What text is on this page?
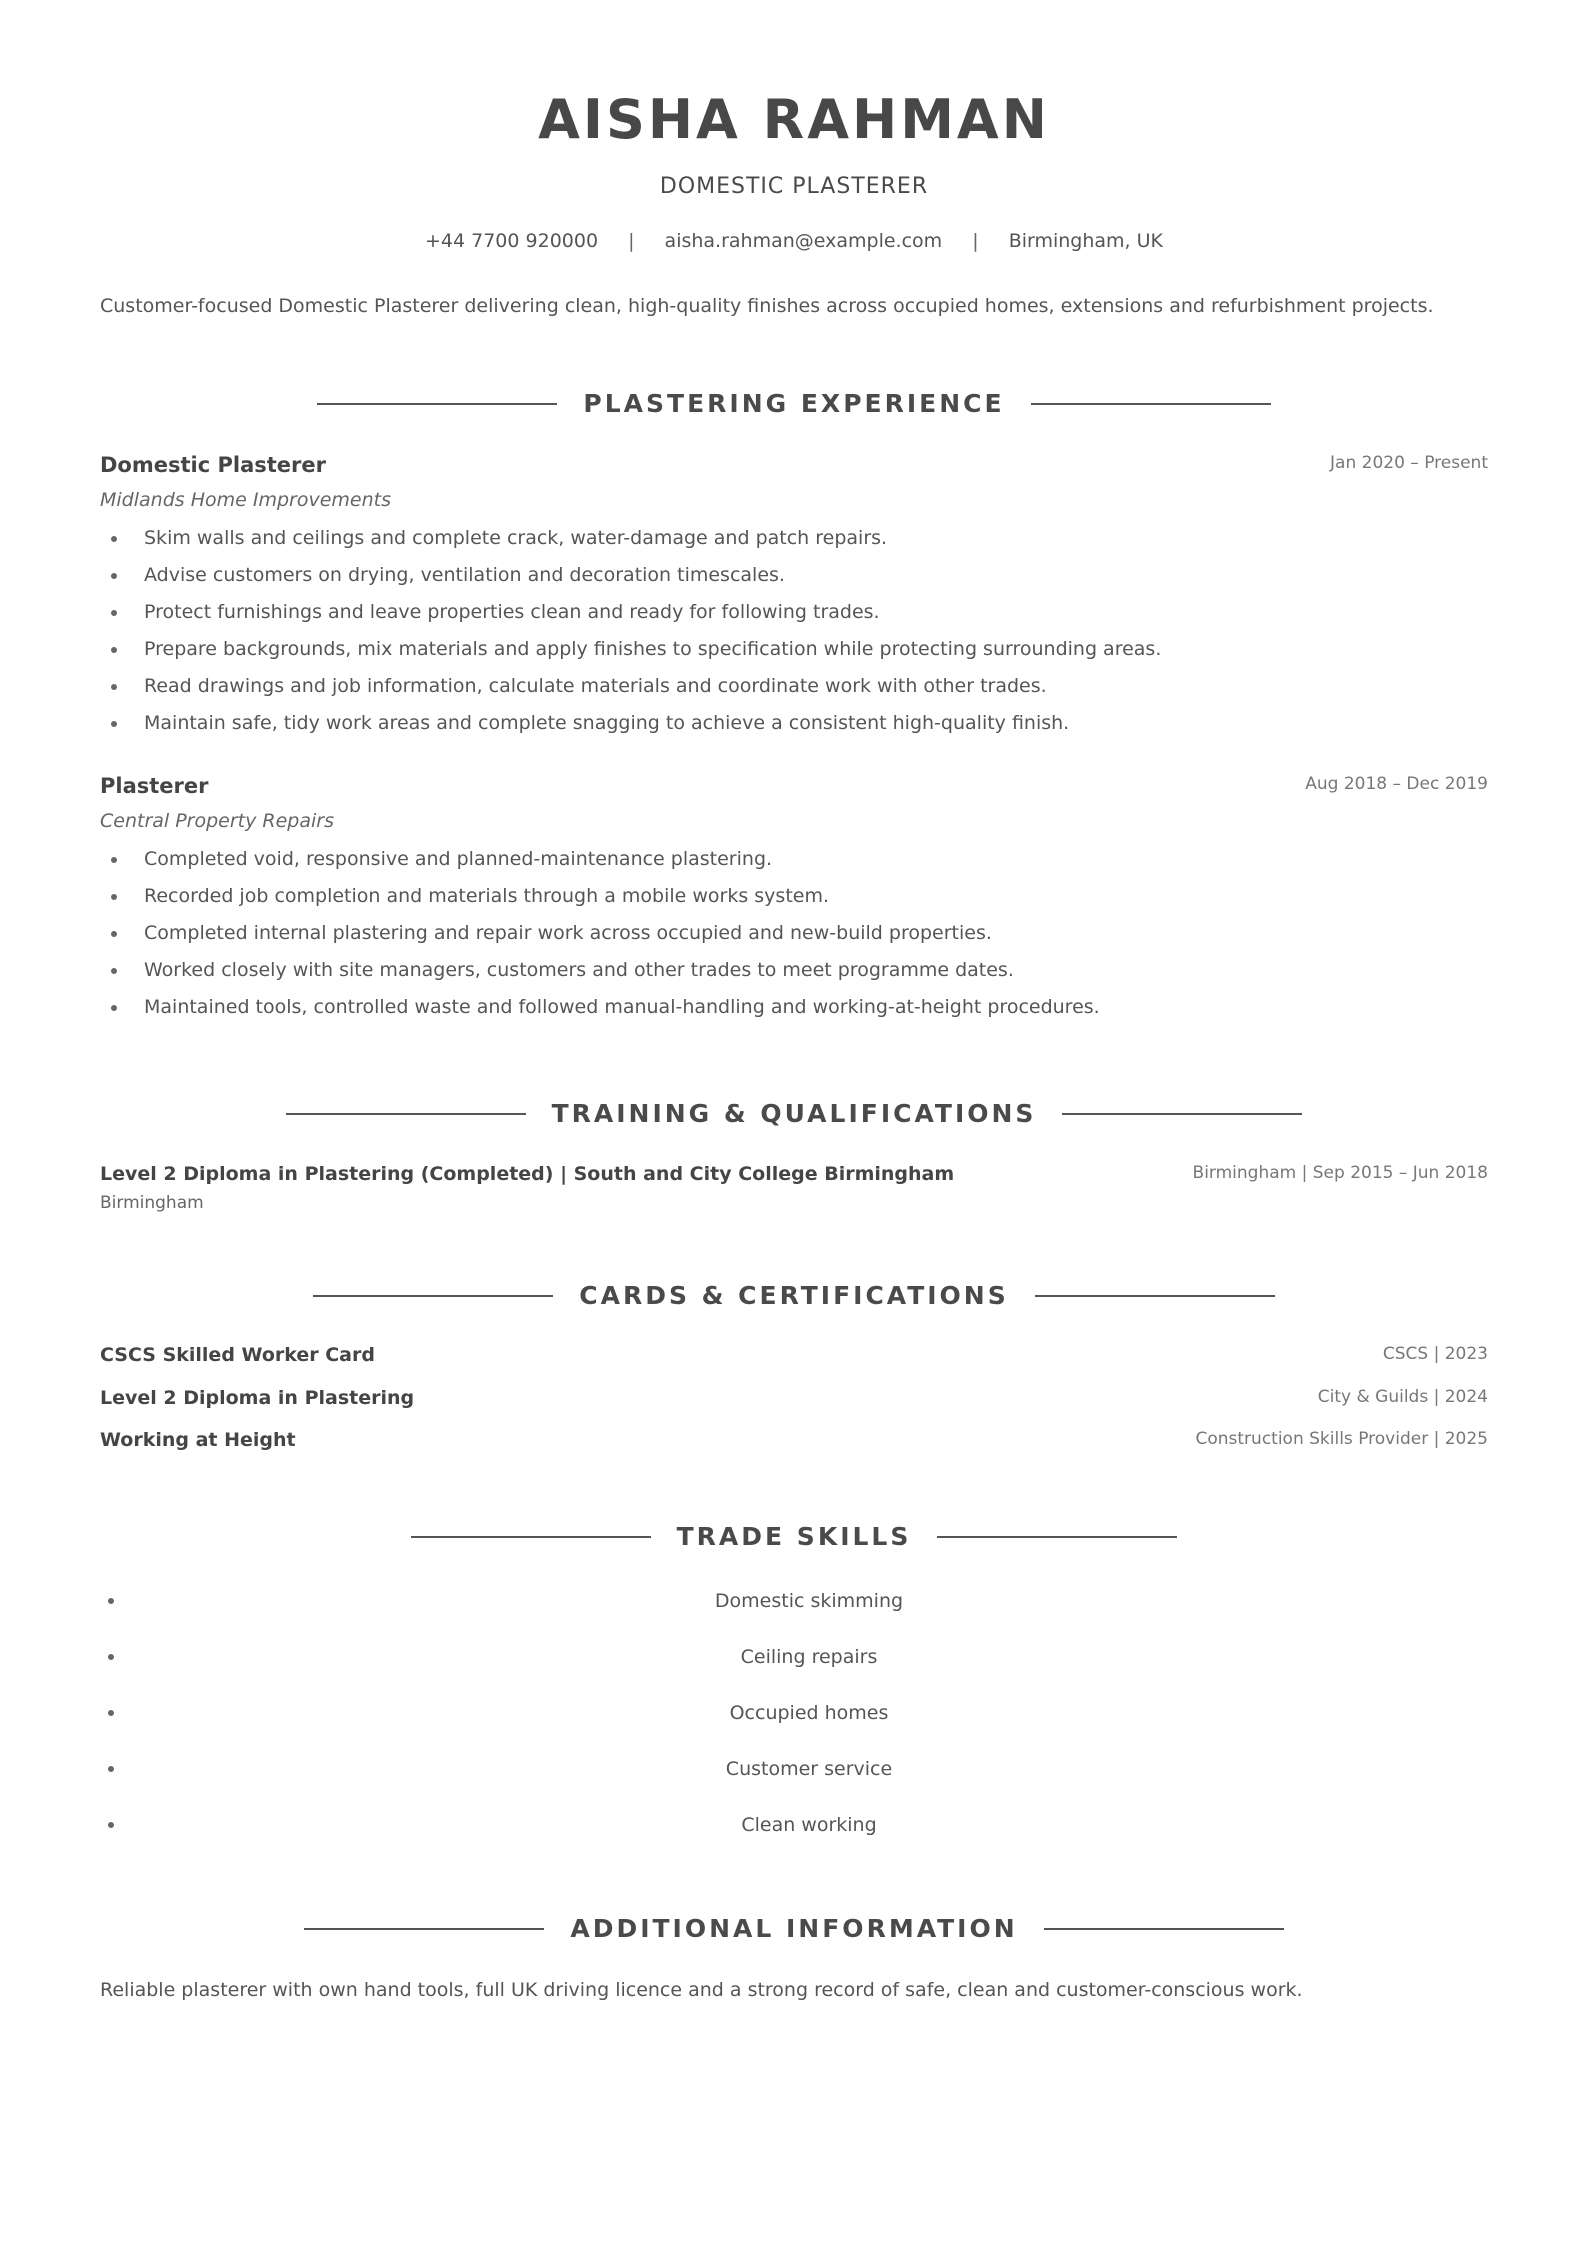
AISHA RAHMAN
DOMESTIC PLASTERER
+44 7700 920000 | aisha.rahman@example.com | Birmingham, UK
Customer-focused Domestic Plasterer delivering clean, high-quality finishes across occupied homes, extensions and refurbishment projects.
PLASTERING EXPERIENCE
Domestic Plasterer	Jan 2020 – Present
Midlands Home Improvements
Skim walls and ceilings and complete crack, water-damage and patch repairs.
Advise customers on drying, ventilation and decoration timescales.
Protect furnishings and leave properties clean and ready for following trades.
Prepare backgrounds, mix materials and apply finishes to specification while protecting surrounding areas.
Read drawings and job information, calculate materials and coordinate work with other trades.
Maintain safe, tidy work areas and complete snagging to achieve a consistent high-quality finish.
Plasterer	Aug 2018 – Dec 2019
Central Property Repairs
Completed void, responsive and planned-maintenance plastering.
Recorded job completion and materials through a mobile works system.
Completed internal plastering and repair work across occupied and new-build properties.
Worked closely with site managers, customers and other trades to meet programme dates.
Maintained tools, controlled waste and followed manual-handling and working-at-height procedures.
TRAINING & QUALIFICATIONS
Level 2 Diploma in Plastering (Completed) | South and City College Birmingham	Birmingham | Sep 2015 – Jun 2018
Birmingham
CARDS & CERTIFICATIONS
CSCS Skilled Worker Card	CSCS | 2023
Level 2 Diploma in Plastering	City & Guilds | 2024
Working at Height	Construction Skills Provider | 2025
TRADE SKILLS
Domestic skimming
Ceiling repairs
Occupied homes
Customer service
Clean working
ADDITIONAL INFORMATION
Reliable plasterer with own hand tools, full UK driving licence and a strong record of safe, clean and customer-conscious work.
